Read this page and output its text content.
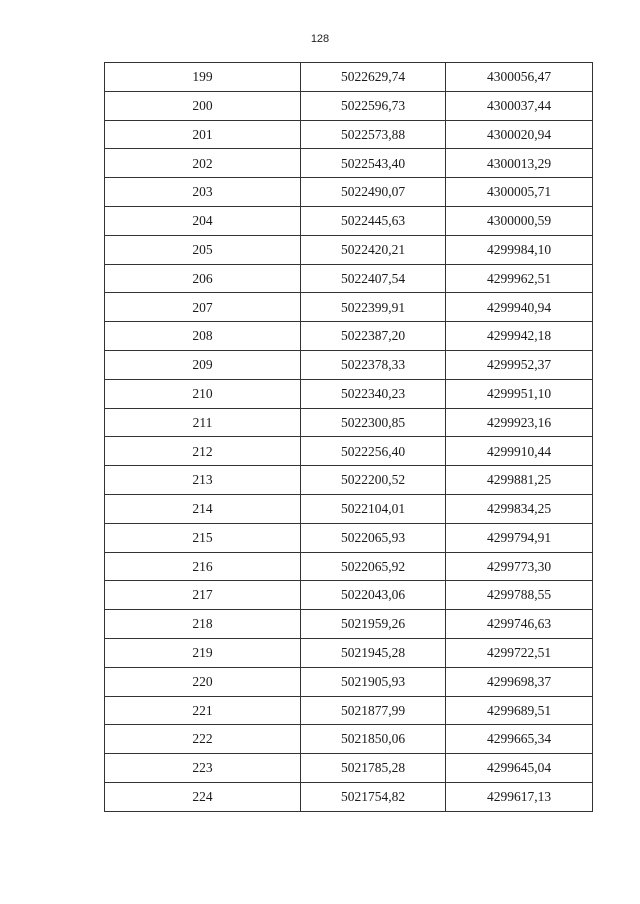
128
199	5022629,74	4300056,47
200	5022596,73	4300037,44
201	5022573,88	4300020,94
202	5022543,40	4300013,29
203	5022490,07	4300005,71
204	5022445,63	4300000,59
205	5022420,21	4299984,10
206	5022407,54	4299962,51
207	5022399,91	4299940,94
208	5022387,20	4299942,18
209	5022378,33	4299952,37
210	5022340,23	4299951,10
211	5022300,85	4299923,16
212	5022256,40	4299910,44
213	5022200,52	4299881,25
214	5022104,01	4299834,25
215	5022065,93	4299794,91
216	5022065,92	4299773,30
217	5022043,06	4299788,55
218	5021959,26	4299746,63
219	5021945,28	4299722,51
220	5021905,93	4299698,37
221	5021877,99	4299689,51
222	5021850,06	4299665,34
223	5021785,28	4299645,04
224	5021754,82	4299617,13
